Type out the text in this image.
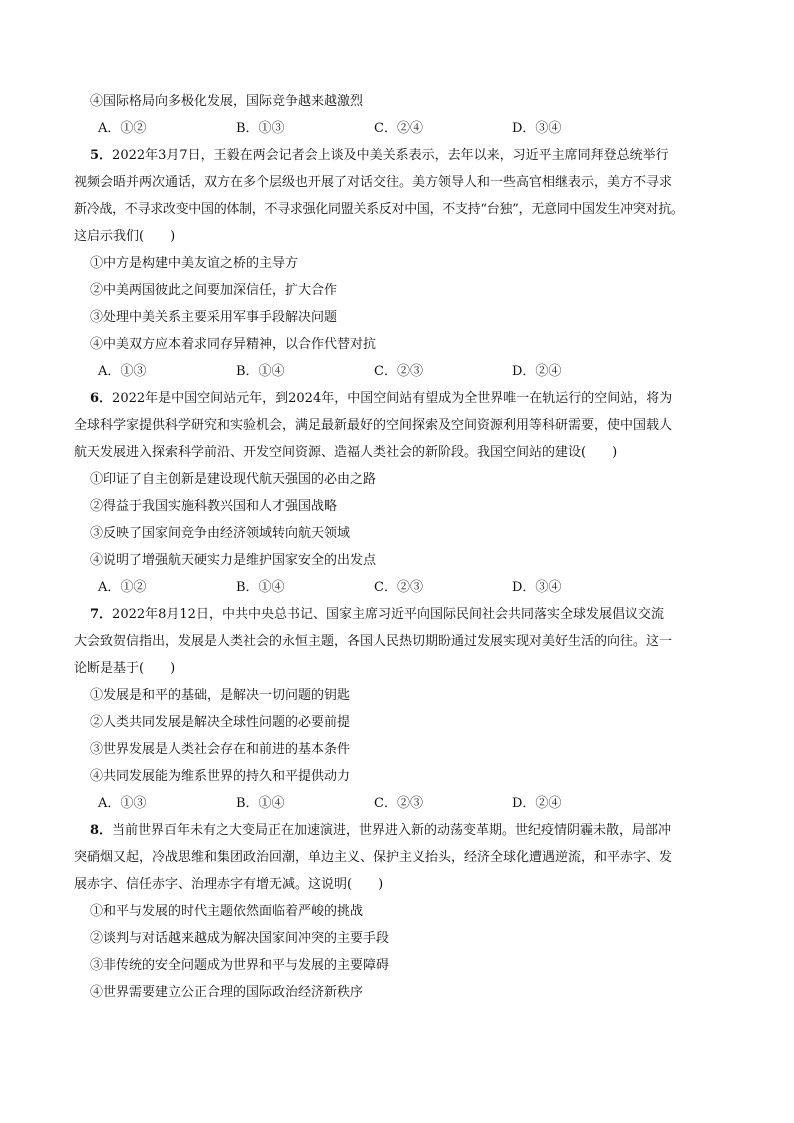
④国际格局向多极化发展，国际竞争越来越激烈
A．①②	B．①③	C．②④	D．③④
5．2022年3月7日，王毅在两会记者会上谈及中美关系表示，去年以来，习近平主席同拜登总统举行
视频会晤并两次通话，双方在多个层级也开展了对话交往。美方领导人和一些高官相继表示，美方不寻求
新冷战，不寻求改变中国的体制，不寻求强化同盟关系反对中国，不支持“台独”，无意同中国发生冲突对抗。
这启示我们(　　)
①中方是构建中美友谊之桥的主导方
②中美两国彼此之间要加深信任，扩大合作
③处理中美关系主要采用军事手段解决问题
④中美双方应本着求同存异精神，以合作代替对抗
A．①③	B．①④	C．②③	D．②④
6．2022年是中国空间站元年，到2024年，中国空间站有望成为全世界唯一在轨运行的空间站，将为
全球科学家提供科学研究和实验机会，满足最新最好的空间探索及空间资源利用等科研需要，使中国载人
航天发展进入探索科学前沿、开发空间资源、造福人类社会的新阶段。我国空间站的建设(　　)
①印证了自主创新是建设现代航天强国的必由之路
②得益于我国实施科教兴国和人才强国战略
③反映了国家间竞争由经济领域转向航天领域
④说明了增强航天硬实力是维护国家安全的出发点
A．①②	B．①④	C．②③	D．③④
7．2022年8月12日，中共中央总书记、国家主席习近平向国际民间社会共同落实全球发展倡议交流
大会致贺信指出，发展是人类社会的永恒主题，各国人民热切期盼通过发展实现对美好生活的向往。这一
论断是基于(　　)
①发展是和平的基础，是解决一切问题的钥匙
②人类共同发展是解决全球性问题的必要前提
③世界发展是人类社会存在和前进的基本条件
④共同发展能为维系世界的持久和平提供动力
A．①③	B．①④	C．②③	D．②④
8．当前世界百年未有之大变局正在加速演进，世界进入新的动荡变革期。世纪疫情阴霾未散，局部冲
突硝烟又起，冷战思维和集团政治回潮，单边主义、保护主义抬头，经济全球化遭遇逆流，和平赤字、发
展赤字、信任赤字、治理赤字有增无减。这说明(　　)
①和平与发展的时代主题依然面临着严峻的挑战
②谈判与对话越来越成为解决国家间冲突的主要手段
③非传统的安全问题成为世界和平与发展的主要障碍
④世界需要建立公正合理的国际政治经济新秩序
